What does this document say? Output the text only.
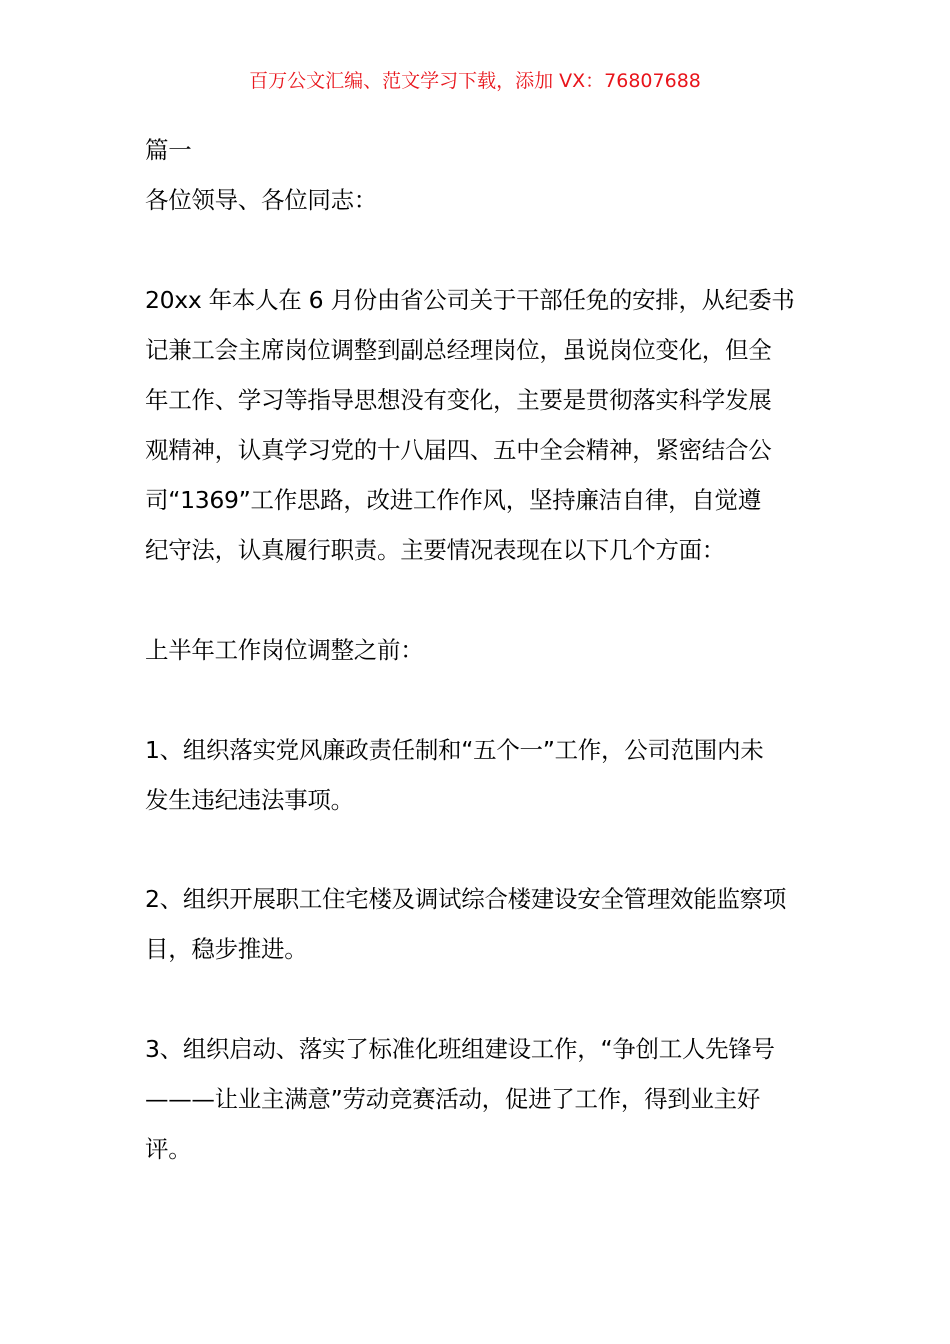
百万公文汇编、范文学习下载，添加 VX：76807688
篇一
各位领导、各位同志：
20xx 年本人在 6 月份由省公司关于干部任免的安排，从纪委书
记兼工会主席岗位调整到副总经理岗位，虽说岗位变化，但全
年工作、学习等指导思想没有变化，主要是贯彻落实科学发展
观精神，认真学习党的十八届四、五中全会精神，紧密结合公
司“1369”工作思路，改进工作作风，坚持廉洁自律，自觉遵
纪守法，认真履行职责。主要情况表现在以下几个方面：
上半年工作岗位调整之前：
1、组织落实党风廉政责任制和“五个一”工作，公司范围内未
发生违纪违法事项。
2、组织开展职工住宅楼及调试综合楼建设安全管理效能监察项
目，稳步推进。
3、组织启动、落实了标准化班组建设工作，“争创工人先锋号
———让业主满意”劳动竞赛活动，促进了工作，得到业主好
评。
